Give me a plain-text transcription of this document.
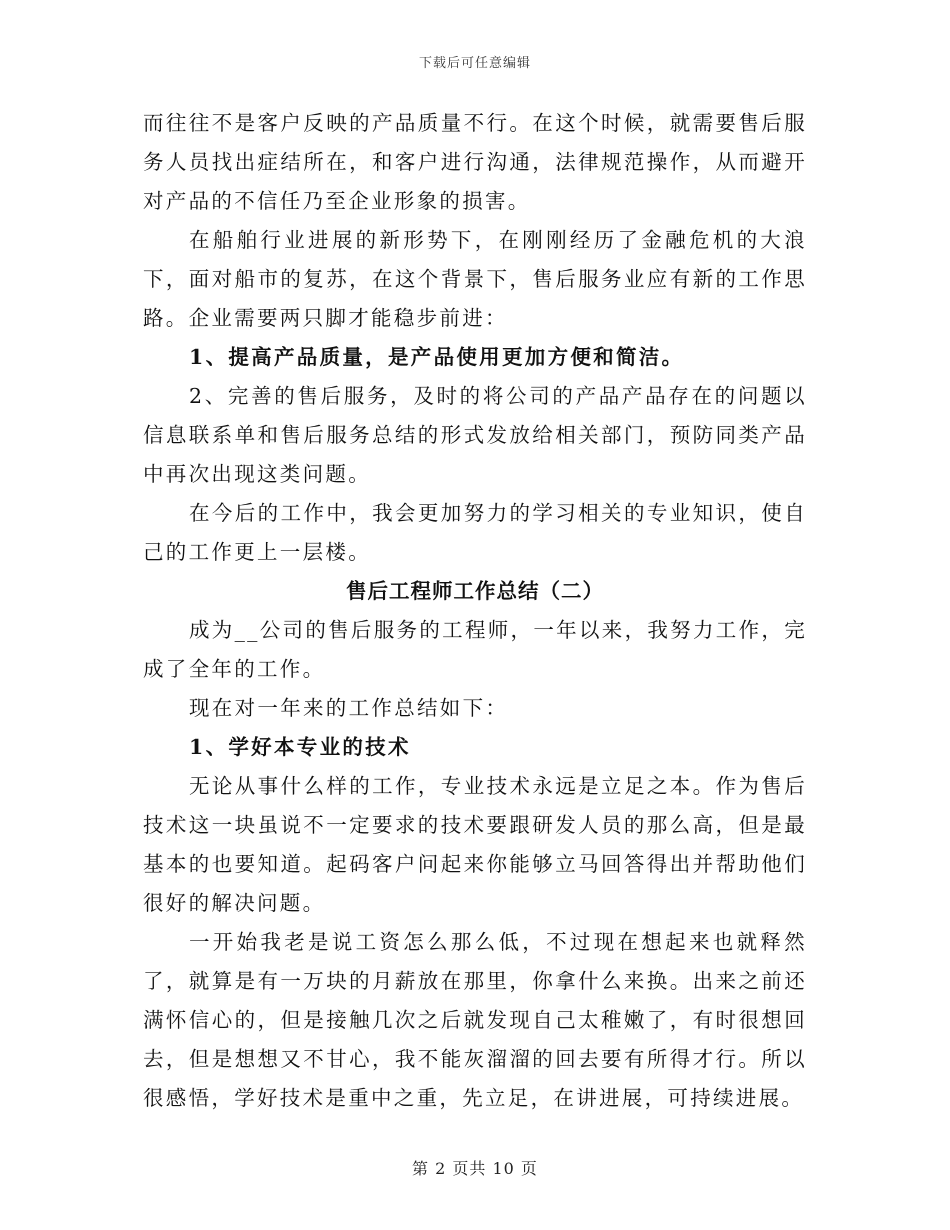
下载后可任意编辑

而往往不是客户反映的产品质量不行。在这个时候，就需要售后服务人员找出症结所在，和客户进行沟通，法律规范操作，从而避开对产品的不信任乃至企业形象的损害。

在船舶行业进展的新形势下，在刚刚经历了金融危机的大浪下，面对船市的复苏，在这个背景下，售后服务业应有新的工作思路。企业需要两只脚才能稳步前进：

1、提高产品质量，是产品使用更加方便和简洁。

2、完善的售后服务，及时的将公司的产品产品存在的问题以信息联系单和售后服务总结的形式发放给相关部门，预防同类产品中再次出现这类问题。

在今后的工作中，我会更加努力的学习相关的专业知识，使自己的工作更上一层楼。

售后工程师工作总结（二）

成为__公司的售后服务的工程师，一年以来，我努力工作，完成了全年的工作。

现在对一年来的工作总结如下：

1、学好本专业的技术

无论从事什么样的工作，专业技术永远是立足之本。作为售后技术这一块虽说不一定要求的技术要跟研发人员的那么高，但是最基本的也要知道。起码客户问起来你能够立马回答得出并帮助他们很好的解决问题。

一开始我老是说工资怎么那么低，不过现在想起来也就释然了，就算是有一万块的月薪放在那里，你拿什么来换。出来之前还满怀信心的，但是接触几次之后就发现自己太稚嫩了，有时很想回去，但是想想又不甘心，我不能灰溜溜的回去要有所得才行。所以很感悟，学好技术是重中之重，先立足，在讲进展，可持续进展。

第 2 页共 10 页
